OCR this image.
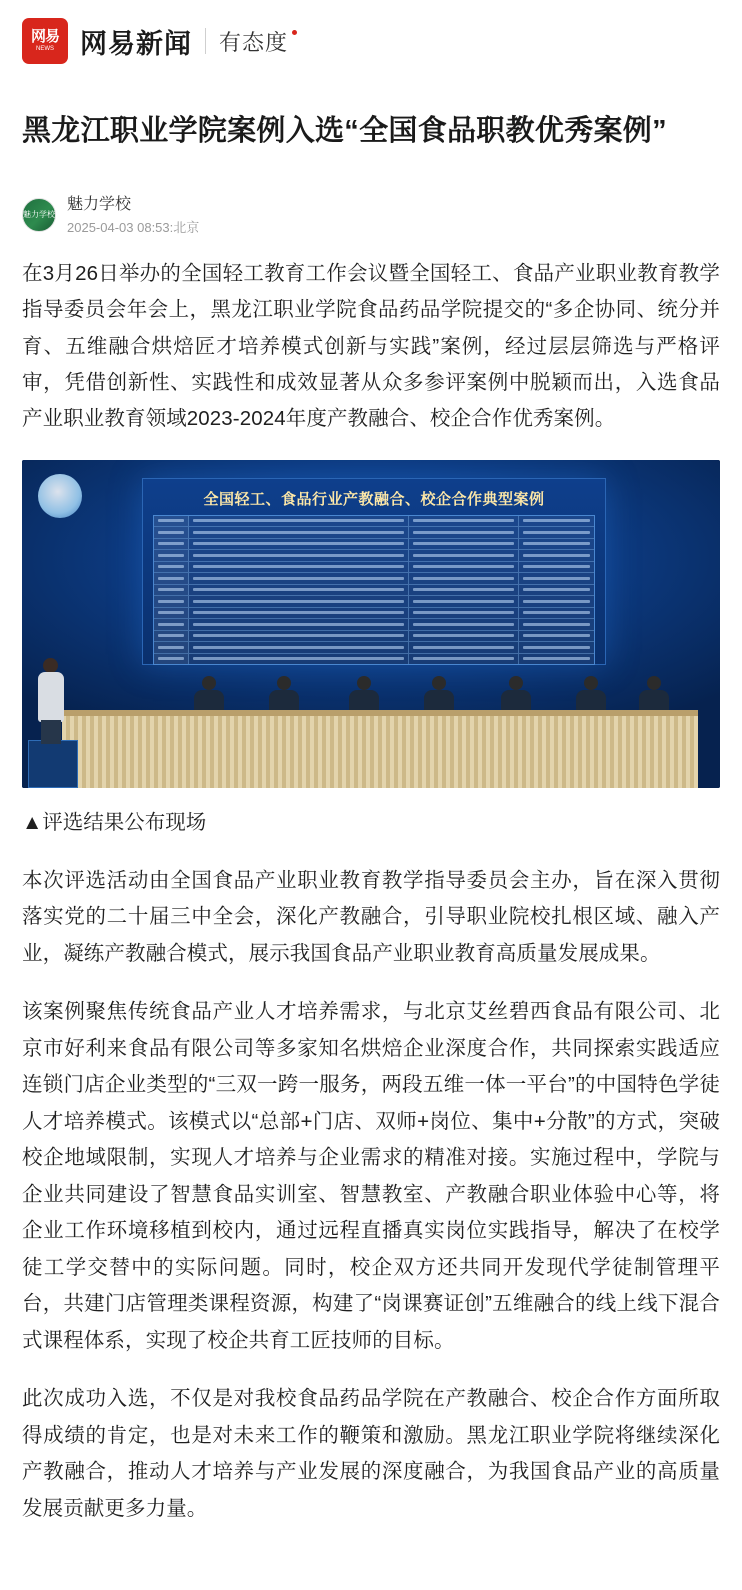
网易
NEWS 网易新闻 有态度
黑龙江职业学院案例入选“全国食品职教优秀案例”
魅力学校
魅力学校
2025-04-03 08:53:北京

在3月26日举办的全国轻工教育工作会议暨全国轻工、食品产业职业教育教学指导委员会年会上，黑龙江职业学院食品药品学院提交的“多企协同、统分并育、五维融合烘焙匠才培养模式创新与实践”案例，经过层层筛选与严格评审，凭借创新性、实践性和成效显著从众多参评案例中脱颖而出，入选食品产业职业教育领域2023-2024年度产教融合、校企合作优秀案例。

全国轻工、食品行业产教融合、校企合作典型案例
▲评选结果公布现场

本次评选活动由全国食品产业职业教育教学指导委员会主办，旨在深入贯彻落实党的二十届三中全会，深化产教融合，引导职业院校扎根区域、融入产业，凝练产教融合模式，展示我国食品产业职业教育高质量发展成果。

该案例聚焦传统食品产业人才培养需求，与北京艾丝碧西食品有限公司、北京市好利来食品有限公司等多家知名烘焙企业深度合作，共同探索实践适应连锁门店企业类型的“三双一跨一服务，两段五维一体一平台”的中国特色学徒人才培养模式。该模式以“总部+门店、双师+岗位、集中+分散”的方式，突破校企地域限制，实现人才培养与企业需求的精准对接。实施过程中，学院与企业共同建设了智慧食品实训室、智慧教室、产教融合职业体验中心等，将企业工作环境移植到校内，通过远程直播真实岗位实践指导，解决了在校学徒工学交替中的实际问题。同时，校企双方还共同开发现代学徒制管理平台，共建门店管理类课程资源，构建了“岗课赛证创”五维融合的线上线下混合式课程体系，实现了校企共育工匠技师的目标。

此次成功入选，不仅是对我校食品药品学院在产教融合、校企合作方面所取得成绩的肯定，也是对未来工作的鞭策和激励。黑龙江职业学院将继续深化产教融合，推动人才培养与产业发展的深度融合，为我国食品产业的高质量发展贡献更多力量。
